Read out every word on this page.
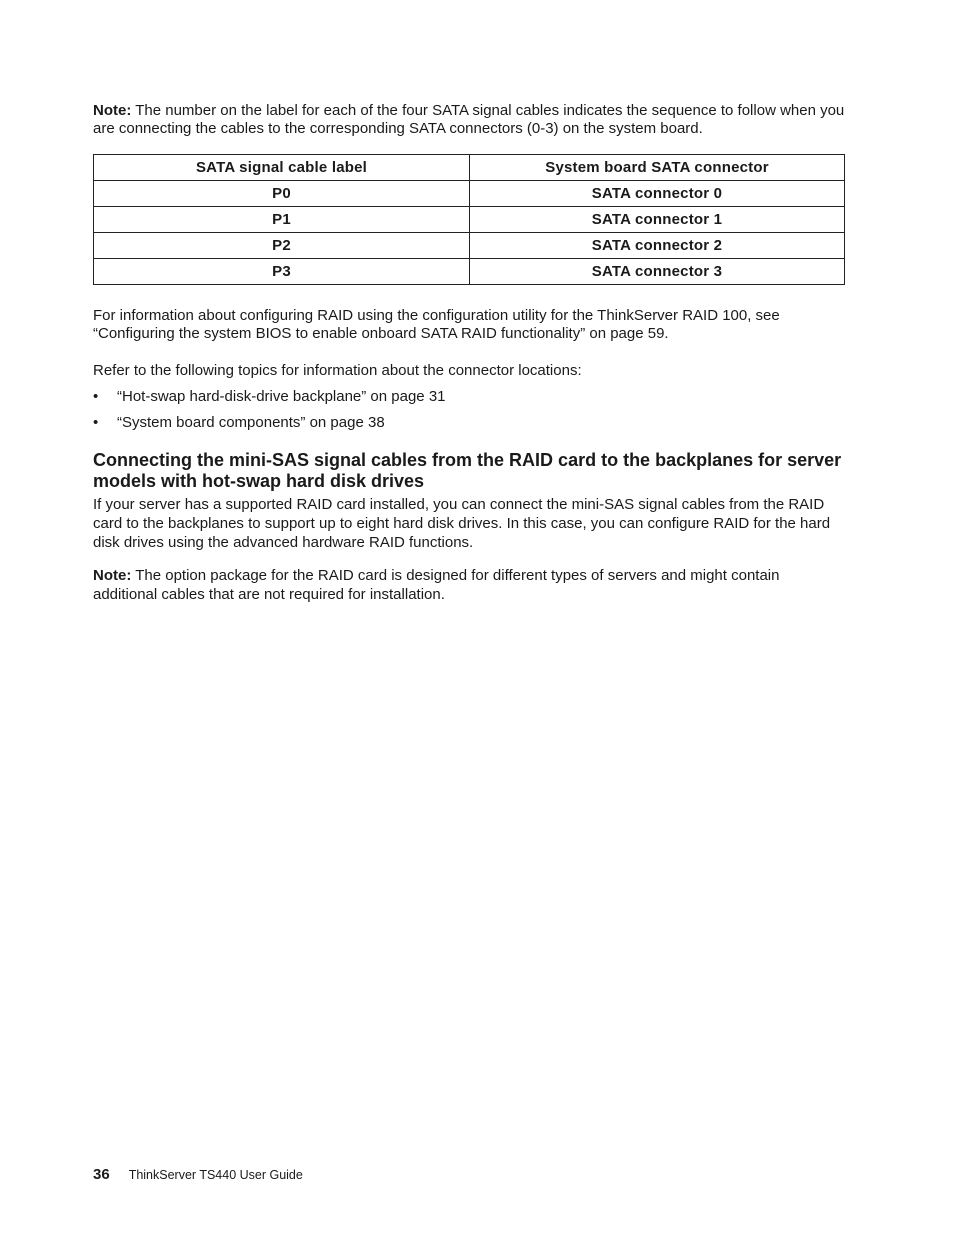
Note: The number on the label for each of the four SATA signal cables indicates the sequence to follow when you are connecting the cables to the corresponding SATA connectors (0-3) on the system board.

SATA signal cable label	System board SATA connector
P0	SATA connector 0
P1	SATA connector 1
P2	SATA connector 2
P3	SATA connector 3

For information about configuring RAID using the configuration utility for the ThinkServer RAID 100, see “Configuring the system BIOS to enable onboard SATA RAID functionality” on page 59.

Refer to the following topics for information about the connector locations:

• “Hot-swap hard-disk-drive backplane” on page 31
• “System board components” on page 38
Connecting the mini-SAS signal cables from the RAID card to the backplanes for server models with hot-swap hard disk drives

If your server has a supported RAID card installed, you can connect the mini-SAS signal cables from the RAID card to the backplanes to support up to eight hard disk drives. In this case, you can configure RAID for the hard disk drives using the advanced hardware RAID functions.

Note: The option package for the RAID card is designed for different types of servers and might contain additional cables that are not required for installation.

36 ThinkServer TS440 User Guide
